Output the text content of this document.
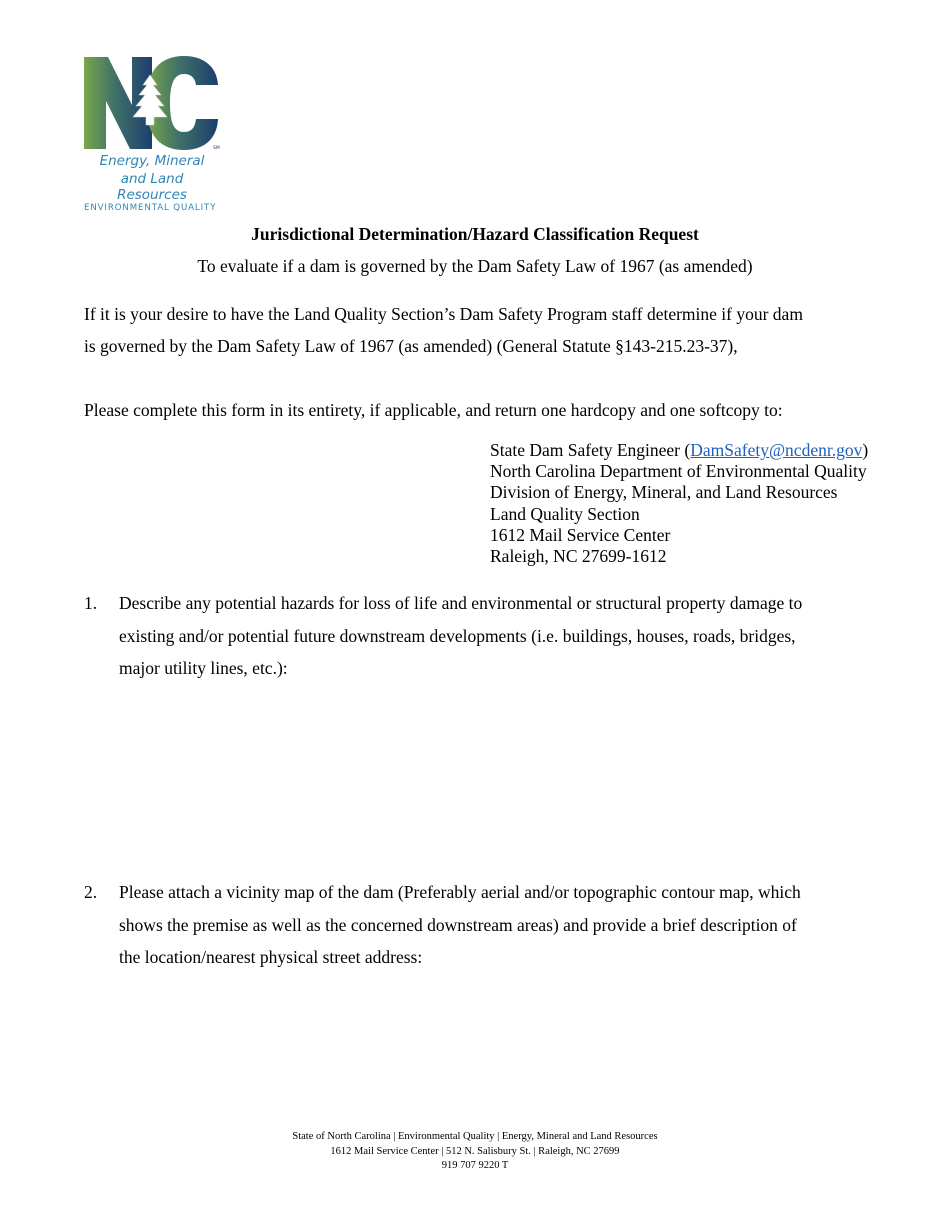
SM
Energy, Mineral
and Land Resources
ENVIRONMENTAL QUALITY
Jurisdictional Determination/Hazard Classification Request
To evaluate if a dam is governed by the Dam Safety Law of 1967 (as amended)
If it is your desire to have the Land Quality Section’s Dam Safety Program staff determine if your dam
is governed by the Dam Safety Law of 1967 (as amended) (General Statute §143-215.23-37),
Please complete this form in its entirety, if applicable, and return one hardcopy and one softcopy to:
State Dam Safety Engineer (DamSafety@ncdenr.gov)
North Carolina Department of Environmental Quality
Division of Energy, Mineral, and Land Resources
Land Quality Section
1612 Mail Service Center
Raleigh, NC 27699-1612
1. Describe any potential hazards for loss of life and environmental or structural property damage to
existing and/or potential future downstream developments (i.e. buildings, houses, roads, bridges,
major utility lines, etc.):
2. Please attach a vicinity map of the dam (Preferably aerial and/or topographic contour map, which
shows the premise as well as the concerned downstream areas) and provide a brief description of
the location/nearest physical street address:
State of North Carolina | Environmental Quality | Energy, Mineral and Land Resources
1612 Mail Service Center | 512 N. Salisbury St. | Raleigh, NC 27699
919 707 9220 T
